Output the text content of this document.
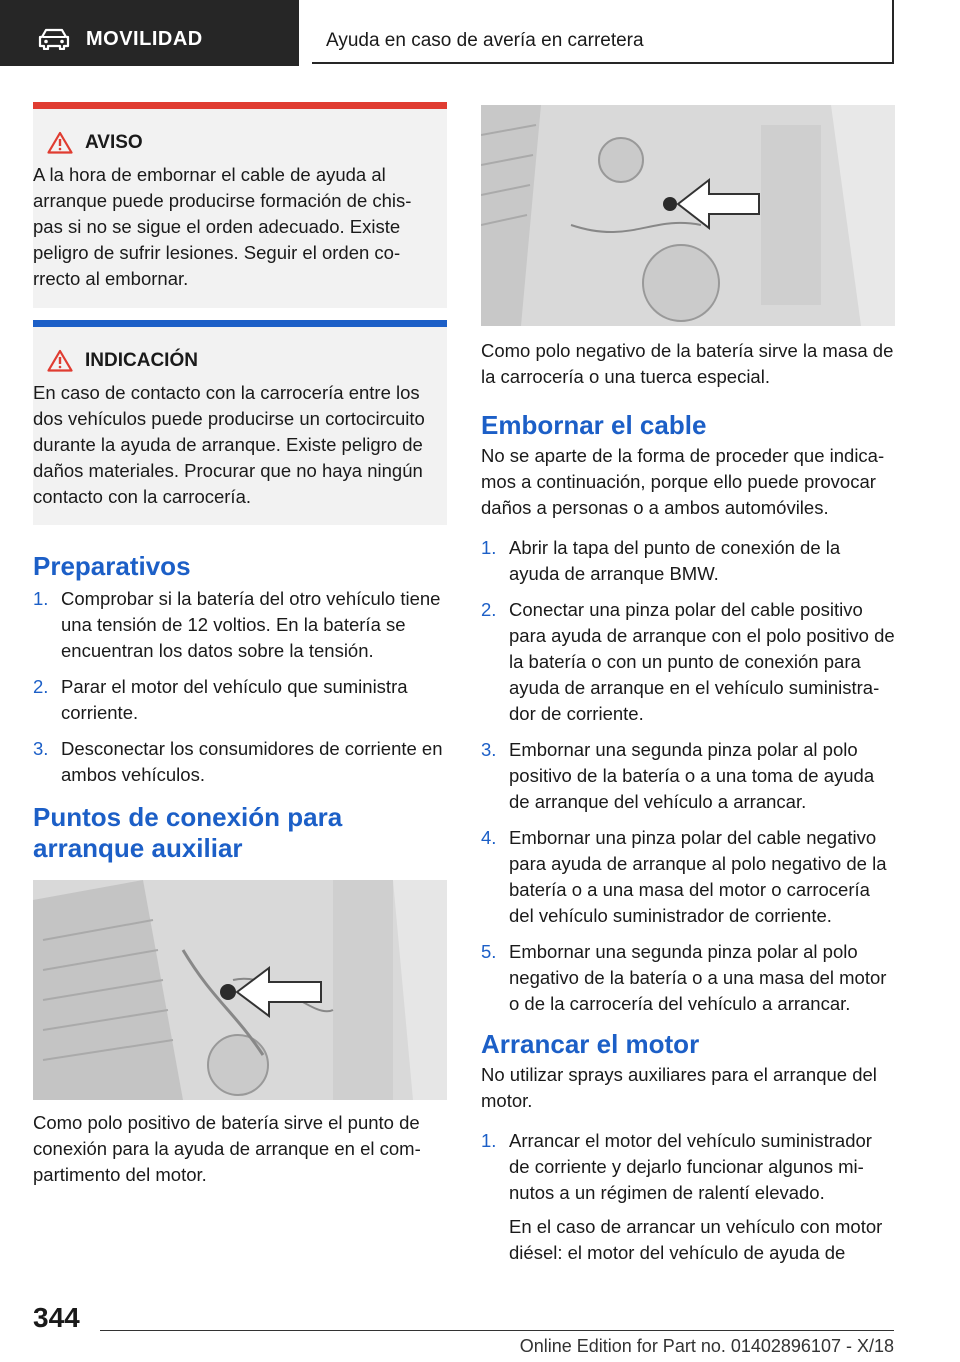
MOVILIDAD	Ayuda en caso de avería en carretera
AVISO
A la hora de embornar el cable de ayuda al arranque puede producirse formación de chispas si no se sigue el orden adecuado. Existe peligro de sufrir lesiones. Seguir el orden correcto al embornar.
INDICACIÓN
En caso de contacto con la carrocería entre los dos vehículos puede producirse un cortocircuito durante la ayuda de arranque. Existe peligro de daños materiales. Procurar que no haya ningún contacto con la carrocería.
Preparativos
1. Comprobar si la batería del otro vehículo tiene una tensión de 12 voltios. En la batería se encuentran los datos sobre la tensión.
2. Parar el motor del vehículo que suministra corriente.
3. Desconectar los consumidores de corriente en ambos vehículos.
Puntos de conexión para arranque auxiliar

Como polo positivo de batería sirve el punto de conexión para la ayuda de arranque en el compartimento del motor.

Como polo negativo de la batería sirve la masa de la carrocería o una tuerca especial.

Embornar el cable

No se aparte de la forma de proceder que indicamos a continuación, porque ello puede provocar daños a personas o a ambos automóviles.

1. Abrir la tapa del punto de conexión de la ayuda de arranque BMW.
2. Conectar una pinza polar del cable positivo para ayuda de arranque con el polo positivo de la batería o con un punto de conexión para ayuda de arranque en el vehículo suministrador de corriente.
3. Embornar una segunda pinza polar al polo positivo de la batería o a una toma de ayuda de arranque del vehículo a arrancar.
4. Embornar una pinza polar del cable negativo para ayuda de arranque al polo negativo de la batería o a una masa del motor o carrocería del vehículo suministrador de corriente.
5. Embornar una segunda pinza polar al polo negativo de la batería o a una masa del motor o de la carrocería del vehículo a arrancar.
Arrancar el motor

No utilizar sprays auxiliares para el arranque del motor.

1. Arrancar el motor del vehículo suministrador de corriente y dejarlo funcionar algunos minutos a un régimen de ralentí elevado.
En el caso de arrancar un vehículo con motor diésel: el motor del vehículo de ayuda de
344
Online Edition for Part no. 01402896107 - X/18
